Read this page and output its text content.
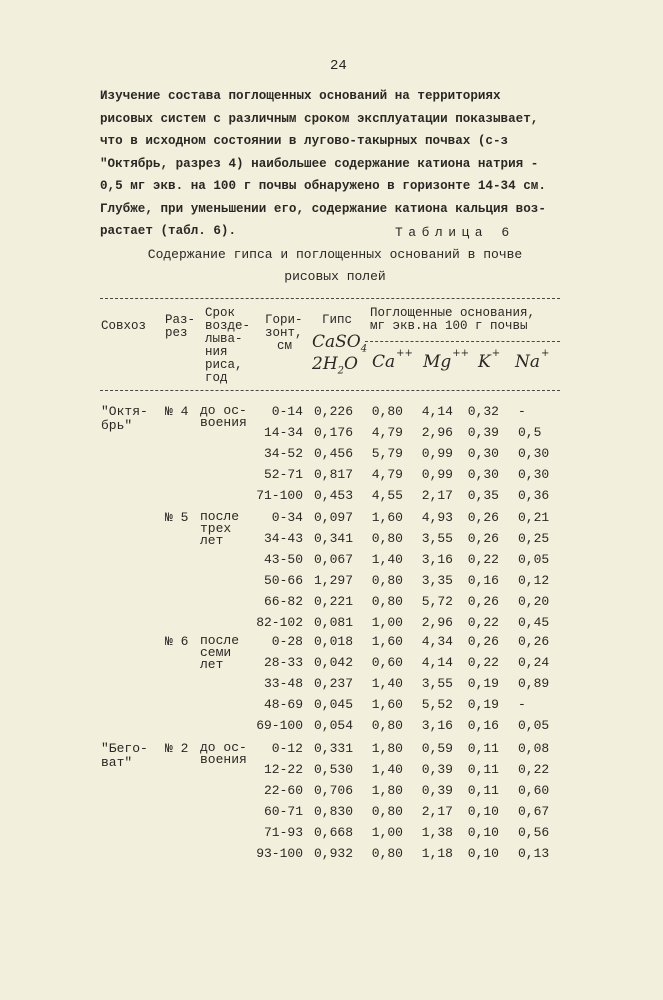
24
Изучение состава поглощенных оснований на территориях
рисовых систем с различным сроком эксплуатации показывает,
что в исходном состоянии в лугово-такырных почвах (с-з
"Октябрь, разрез 4) наибольшее содержание катиона натрия -
0,5 мг экв. на 100 г почвы обнаружено в горизонте 14-34 см.
Глубже, при уменьшении его, содержание катиона кальция воз-
растает (табл. 6).	Таблица 6
Содержание гипса и поглощенных оснований в почве
рисовых полей
Совхоз Раз-
рез
Срок
возде-
лыва-
ния
риса,
год
Гори-
зонт,
см
Гипс
CaSO$_4$
$2H_2O$
Поглощенные основания,
мг экв.на 100 г почвы
Ca++ Mg++ K+ Na+
"Октя-
брь"
№ 4 до ос-
воения
0-14 0,226	0,80	4,14	0,32 -
14-34 0,176	4,79	2,96	0,39 0,5
34-52 0,456	5,79	0,99	0,30 0,30
52-71 0,817	4,79	0,99	0,30 0,30
71-100 0,453	4,55	2,17	0,35 0,36
№ 5 после
трех
лет
0-34 0,097	1,60	4,93	0,26 0,21
34-43 0,341	0,80	3,55	0,26 0,25
43-50 0,067	1,40	3,16	0,22 0,05
50-66 1,297	0,80	3,35	0,16 0,12
66-82 0,221	0,80	5,72	0,26 0,20
82-102 0,081	1,00	2,96	0,22 0,45
№ 6 после
семи
лет
0-28 0,018	1,60	4,34	0,26 0,26
28-33 0,042	0,60	4,14	0,22 0,24
33-48 0,237	1,40	3,55	0,19 0,89
48-69 0,045	1,60	5,52	0,19 -
69-100 0,054	0,80	3,16	0,16 0,05
"Бего-
ват"
№ 2 до ос-
воения
0-12 0,331	1,80	0,59	0,11 0,08
12-22 0,530	1,40	0,39	0,11 0,22
22-60 0,706	1,80	0,39	0,11 0,60
60-71 0,830	0,80	2,17	0,10 0,67
71-93 0,668	1,00	1,38	0,10 0,56
93-100 0,932	0,80	1,18	0,10 0,13
